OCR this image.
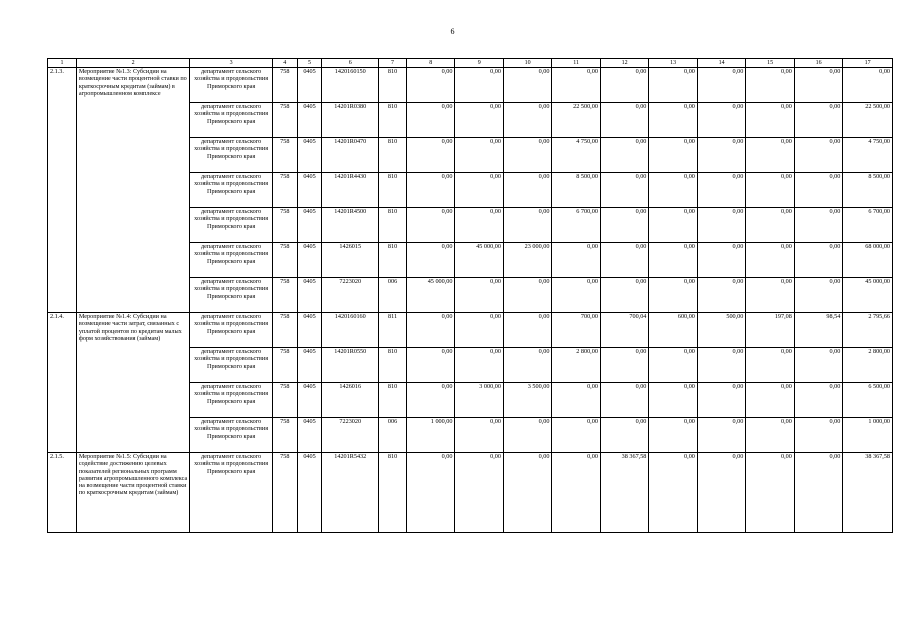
6
1	2	3	4	5	6	7	8	9	10	11	12	13	14	15	16	17
2.1.3.	Мероприятие №1.3: Субсидии на возмещение части процентной ставки по краткосрочным кредитам (займам) в агропромышленном комплексе	департамент сельского хозяйства и продовольствия Приморского края	758	0405	1420160150	810	0,00	0,00	0,00	0,00	0,00	0,00	0,00	0,00	0,00	0,00
		департамент сельского хозяйства и продовольствия Приморского края	758	0405	14201R0380	810	0,00	0,00	0,00	22 500,00	0,00	0,00	0,00	0,00	0,00	22 500,00
		департамент сельского хозяйства и продовольствия Приморского края	758	0405	14201R0470	810	0,00	0,00	0,00	4 750,00	0,00	0,00	0,00	0,00	0,00	4 750,00
		департамент сельского хозяйства и продовольствия Приморского края	758	0405	14201R4430	810	0,00	0,00	0,00	8 500,00	0,00	0,00	0,00	0,00	0,00	8 500,00
		департамент сельского хозяйства и продовольствия Приморского края	758	0405	14201R4500	810	0,00	0,00	0,00	6 700,00	0,00	0,00	0,00	0,00	0,00	6 700,00
		департамент сельского хозяйства и продовольствия Приморского края	758	0405	1426015	810	0,00	45 000,00	23 000,00	0,00	0,00	0,00	0,00	0,00	0,00	68 000,00
		департамент сельского хозяйства и продовольствия Приморского края	758	0405	7223020	006	45 000,00	0,00	0,00	0,00	0,00	0,00	0,00	0,00	0,00	45 000,00
2.1.4.	Мероприятие №1.4: Субсидии на возмещение части затрат, связанных с уплатой процентов по кредитам малых форм хозяйствования (займам)	департамент сельского хозяйства и продовольствия Приморского края	758	0405	1420160160	811	0,00	0,00	0,00	700,00	700,04	600,00	500,00	197,08	98,54	2 795,66
		департамент сельского хозяйства и продовольствия Приморского края	758	0405	14201R0550	810	0,00	0,00	0,00	2 800,00	0,00	0,00	0,00	0,00	0,00	2 800,00
		департамент сельского хозяйства и продовольствия Приморского края	758	0405	1426016	810	0,00	3 000,00	3 500,00	0,00	0,00	0,00	0,00	0,00	0,00	6 500,00
		департамент сельского хозяйства и продовольствия Приморского края	758	0405	7223020	006	1 000,00	0,00	0,00	0,00	0,00	0,00	0,00	0,00	0,00	1 000,00
2.1.5.	Мероприятие №1.5: Субсидии на содействие достижению целевых показателей региональных программ развития агропромышленного комплекса на возмещение части процентной ставки по краткосрочным кредитам (займам)	департамент сельского хозяйства и продовольствия Приморского края	758	0405	14201R5432	810	0,00	0,00	0,00	0,00	38 367,58	0,00	0,00	0,00	0,00	38 367,58
